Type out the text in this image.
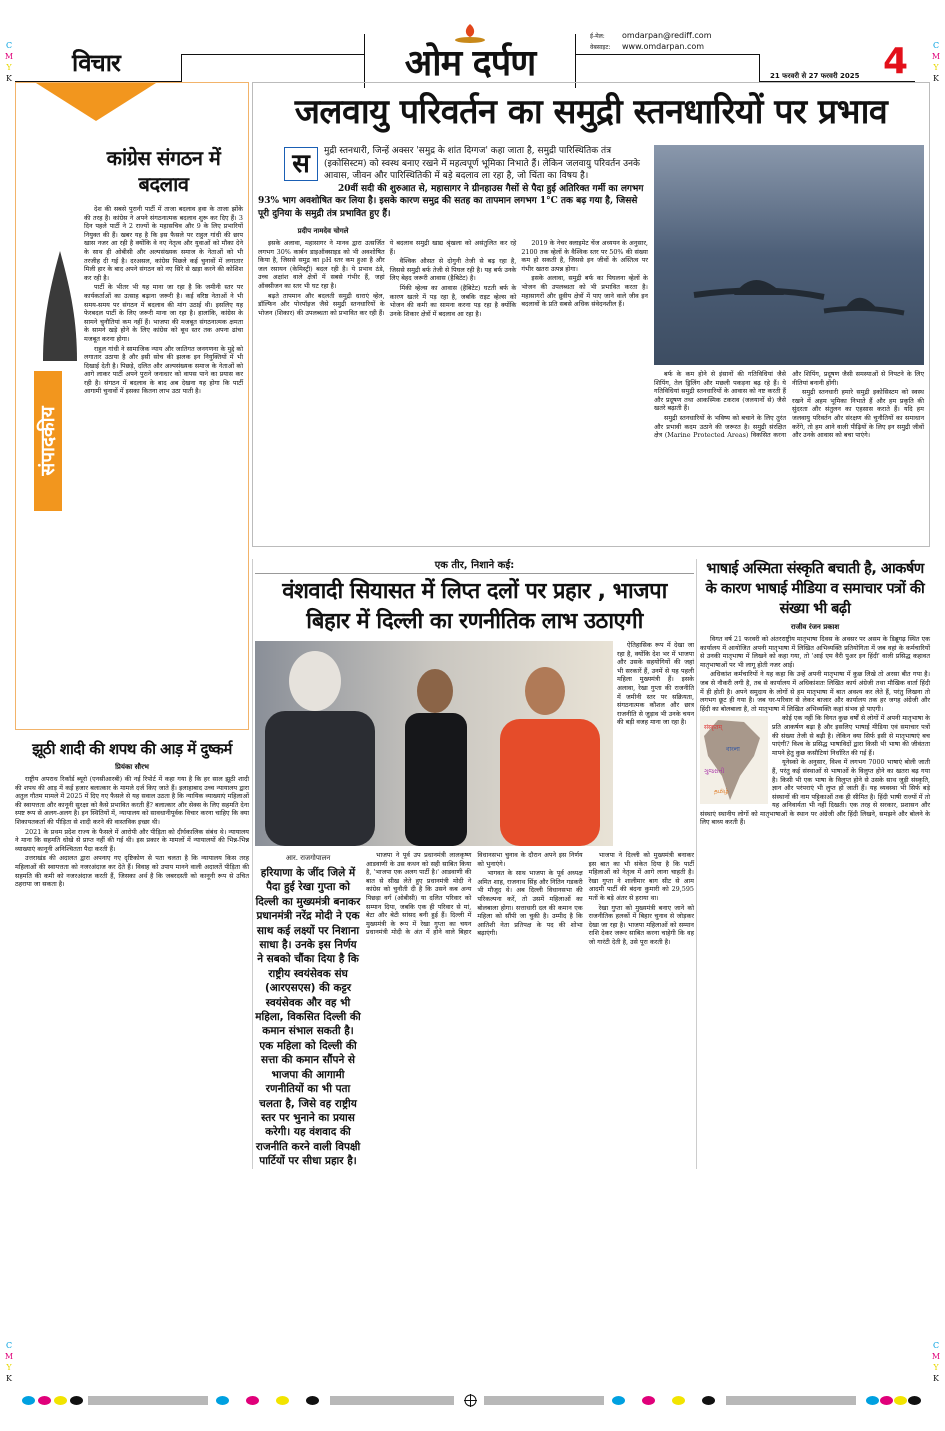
C
M
Y
K
C
M
Y
K
C
M
Y
K
C
M
Y
K
विचार	ओम दर्पण
ई-मेल: omdarpan@rediff.com
वेबसाइट: www.omdarpan.com
21 फरवरी से 27 फरवरी 2025 4
संपादकीय
कांग्रेस संगठन में बदलाव

देश की सबसे पुरानी पार्टी में ताजा बदलाव हवा के ताजा झोंके की तरह है। कांग्रेस ने अपने संगठनात्मक बदलाव शुरू कर दिए हैं। 3 दिन पहले पार्टी ने 2 राज्यों के महासचिव और 9 के लिए प्रभारियों नियुक्त की हैं। खबर यह है कि इस फैसले पर राहुल गांधी की छाप खास नजर आ रही है क्योंकि वे नए नेतृत्व और युवाओं को मौका देने के साथ ही ओबीसी और अल्पसंख्यक समाज के नेताओं को भी तरजीह दी गई है। दरअसल, कांग्रेस पिछले कई चुनावों में लगातार मिली हार के बाद अपने संगठन को नए सिरे से खड़ा करने की कोशिश कर रही है।

पार्टी के भीतर भी यह माना जा रहा है कि जमीनी स्तर पर कार्यकर्ताओं का उत्साह बढ़ाना जरूरी है। कई वरिष्ठ नेताओं ने भी समय-समय पर संगठन में बदलाव की मांग उठाई थी। इसलिए यह फेरबदल पार्टी के लिए जरूरी माना जा रहा है। हालांकि, कांग्रेस के सामने चुनौतियां कम नहीं हैं। भाजपा की मजबूत संगठनात्मक क्षमता के सामने खड़े होने के लिए कांग्रेस को बूथ स्तर तक अपना ढांचा मजबूत करना होगा।

राहुल गांधी ने सामाजिक न्याय और जातिगत जनगणना के मुद्दे को लगातार उठाया है और इसी सोच की झलक इन नियुक्तियों में भी दिखाई देती है। पिछड़े, दलित और अल्पसंख्यक समाज के नेताओं को आगे लाकर पार्टी अपने पुराने जनाधार को वापस पाने का प्रयास कर रही है। संगठन में बदलाव के बाद अब देखना यह होगा कि पार्टी आगामी चुनावों में इसका कितना लाभ उठा पाती है।

झूठी शादी की शपथ की आड़ में दुष्कर्म
प्रियंका सौरभ

राष्ट्रीय अपराध रिकॉर्ड ब्यूरो (एनसीआरबी) की नई रिपोर्ट में कहा गया है कि हर साल झूठी शादी की शपथ की आड़ में कई हजार बलात्कार के मामले दर्ज किए जाते हैं। इलाहाबाद उच्च न्यायालय द्वारा अतुल गौतम मामले में 2025 में दिए गए फैसले से यह सवाल उठता है कि न्यायिक व्याख्याएं महिलाओं की स्वायत्तता और कानूनी सुरक्षा को कैसे प्रभावित करती हैं? बलात्कार और सेक्स के लिए सहमति देना स्पष्ट रूप से अलग-अलग है। इन स्थितियों में, न्यायालय को सावधानीपूर्वक विचार करना चाहिए कि क्या शिकायतकर्ता की पीड़िता से शादी करने की वास्तविक इच्छा थी।

2021 के प्रथम प्रदेश राज्य के फैसले में आरोपी और पीड़िता को दीर्घकालिक संबंध थे। न्यायालय ने माना कि सहमति धोखे से प्राप्त नहीं की गई थी। इस प्रकार के मामलों में न्यायालयों की भिन्न-भिन्न व्याख्याएं कानूनी अनिश्चितता पैदा करती हैं।

उत्तराखंड की अदालत द्वारा अपनाए गए दृष्टिकोण से पता चलता है कि न्यायालय किस तरह महिलाओं की स्वायत्तता को नजरअंदाज कर देते हैं। विवाह को उपाय मानने वाली अदालतें पीड़िता की सहमति की कमी को नजरअंदाज करती हैं, जिसका अर्थ है कि जबरदस्ती को कानूनी रूप से उचित ठहराया जा सकता है।

जलवायु परिवर्तन का समुद्री स्तनधारियों पर प्रभाव
स	मुद्री स्तनधारी, जिन्हें अक्सर 'समुद्र के शांत दिग्गज' कहा जाता है, समुद्री पारिस्थितिक तंत्र (इकोसिस्टम) को स्वस्थ बनाए रखने में महत्वपूर्ण भूमिका निभाते हैं। लेकिन जलवायु परिवर्तन उनके आवास, जीवन और पारिस्थितिकी में बड़े बदलाव ला रहा है, जो चिंता का विषय है।
20वीं सदी की शुरुआत से, महासागर ने ग्रीनहाउस गैसों से पैदा हुई अतिरिक्त गर्मी का लगभग 93% भाग अवशोषित कर लिया है। इसके कारण समुद्र की सतह का तापमान लगभग 1°C तक बढ़ गया है, जिससे पूरी दुनिया के समुद्री तंत्र प्रभावित हुए हैं।
प्रदीप नामदेव चोगले

इसके अलावा, महासागर ने मानव द्वारा उत्सर्जित लगभग 30% कार्बन डाइऑक्साइड को भी अवशोषित किया है, जिससे समुद्र का pH स्तर कम हुआ है और जल रसायन (केमिस्ट्री) बदल रही है। ये प्रभाव ठंडे, उच्च अक्षांश वाले क्षेत्रों में सबसे गंभीर हैं, जहां ऑक्सीजन का स्तर भी घट रहा है।

बढ़ते तापमान और बदलती समुद्री धाराएं व्हेल, डॉल्फिन और पोरपॉइज जैसे समुद्री स्तनधारियों के भोजन (शिकार) की उपलब्धता को प्रभावित कर रही हैं। ये बदलाव समुद्री खाद्य श्रृंखला को असंतुलित कर रहे हैं।

वैश्विक औसत से दोगुनी तेजी से बढ़ रहा है, जिससे समुद्री बर्फ तेजी से पिघल रही है। यह बर्फ उनके लिए बेहद जरूरी आवास (हैबिटेट) है।

मिंकी व्हेल्स का आवास (हैबिटेट) घटती बर्फ के कारण खतरे में पड़ रहा है, जबकि राइट व्हेल्स को भोजन की कमी का सामना करना पड़ रहा है क्योंकि उनके शिकार क्षेत्रों में बदलाव आ रहा है।

2019 के नेचर क्लाइमेट चेंज अध्ययन के अनुसार, 2100 तक व्हेलों के वैश्विक स्तर पर 50% की संख्या कम हो सकती है, जिससे इन जीवों के अस्तित्व पर गंभीर खतरा उत्पन्न होगा।

इसके अलावा, समुद्री बर्फ का पिघलना व्हेलों के भोजन की उपलब्धता को भी प्रभावित करता है। महासागरों और ध्रुवीय क्षेत्रों में पाए जाने वाले जीव इन बदलावों के प्रति सबसे अधिक संवेदनशील हैं।

बर्फ के कम होने से इंसानों की गतिविधियां जैसे शिपिंग, तेल ड्रिलिंग और मछली पकड़ना बढ़ रहे हैं। ये गतिविधियां समुद्री स्तनधारियों के आवास को नष्ट करती हैं और प्रदूषण तथा आकस्मिक टकराव (जलयानों से) जैसे खतरे बढ़ाती हैं।

समुद्री स्तनधारियों के भविष्य को बचाने के लिए तुरंत और प्रभावी कदम उठाने की जरूरत है। समुद्री संरक्षित क्षेत्र (Marine Protected Areas) विकसित करना और शिपिंग, प्रदूषण जैसी समस्याओं से निपटने के लिए नीतियां बनानी होंगी।

समुद्री स्तनधारी हमारे समुद्री इकोसिस्टम को स्वस्थ रखने में अहम भूमिका निभाते हैं और हम प्रकृति की सुंदरता और संतुलन का एहसास कराते हैं। यदि हम जलवायु परिवर्तन और संरक्षण की चुनौतियों का समाधान करेंगे, तो हम आने वाली पीढ़ियों के लिए इन समुद्री जीवों और उनके आवास को बचा पाएंगे।

एक तीर, निशाने कई:
वंशवादी सियासत में लिप्त दलों पर प्रहार , भाजपा
बिहार में दिल्ली का रणनीतिक लाभ उठाएगी

ऐतिहासिक रूप में देखा जा रहा है, क्योंकि देश भर में भाजपा और उसके सहयोगियों की जहां भी सरकारें हैं, उनमें से यह पहली महिला मुख्यमंत्री हैं। इसके अलावा, रेखा गुप्ता की राजनीति में जमीनी स्तर पर सक्रियता, संगठनात्मक कौशल और छात्र राजनीति से जुड़ाव भी उनके चयन की बड़ी वजह माना जा रहा है।

आर. राजगोपालन
हरियाणा के जींद जिले में पैदा हुई रेखा गुप्ता को दिल्ली का मुख्यमंत्री बनाकर प्रधानमंत्री नरेंद्र मोदी ने एक साथ कई लक्ष्यों पर निशाना साधा है। उनके इस निर्णय ने सबको चौंका दिया है कि राष्ट्रीय स्वयंसेवक संघ (आरएसएस) की कट्टर स्वयंसेवक और वह भी महिला, विकसित दिल्ली की कमान संभाल सकती है। एक महिला को दिल्ली की सत्ता की कमान सौंपने से भाजपा की आगामी रणनीतियों का भी पता चलता है, जिसे वह राष्ट्रीय स्तर पर भुनाने का प्रयास करेगी। यह वंशवाद की राजनीति करने वाली विपक्षी पार्टियों पर सीधा प्रहार है।

भाजपा ने पूर्व उप प्रधानमंत्री लालकृष्ण आडवाणी के उस कथन को सही साबित किया है, 'भाजपा एक अलग पार्टी है।' आडवाणी की बात से सीख लेते हुए प्रधानमंत्री मोदी ने कांग्रेस को चुनौती दी है कि उसने कब अन्य पिछड़ा वर्ग (ओबीसी) या दलित परिवार को सम्मान दिया, जबकि एक ही परिवार से मां, बेटा और बेटी सांसद बनी हुई हैं। दिल्ली में मुख्यमंत्री के रूप में रेखा गुप्ता का चयन प्रधानमंत्री मोदी के अंत में होने वाले बिहार विधानसभा चुनाव के दौरान अपने इस निर्णय को भुनाएंगे।

भागवत के साथ भाजपा के पूर्व अध्यक्ष अमित शाह, राजनाथ सिंह और नितिन गडकरी भी मौजूद थे। अब दिल्ली विधानसभा की परिकल्पना करें, तो उसमें महिलाओं का बोलबाला होगा। सत्ताधारी दल की कमान एक महिला को सौंपी जा चुकी है। उम्मीद है कि आतिशी नेता प्रतिपक्ष के पद की शोभा बढ़ाएंगी।

भाजपा ने दिल्ली को मुख्यमंत्री बनाकर इस बात का भी संकेत दिया है कि पार्टी महिलाओं को नेतृत्व में आगे लाना चाहती है। रेखा गुप्ता ने शालीमार बाग सीट से आम आदमी पार्टी की बंदना कुमारी को 29,595 मतों के बड़े अंतर से हराया था।

रेखा गुप्ता को मुख्यमंत्री बनाए जाने को राजनीतिक हलकों में बिहार चुनाव से जोड़कर देखा जा रहा है। भाजपा महिलाओं को सम्मान राशि देकर जरूर साबित करना चाहेगी कि वह जो गारंटी देती है, उसे पूरा करती है।

भाषाई अस्मिता संस्कृति बचाती है, आकर्षण के कारण भाषाई मीडिया व समाचार पत्रों की संख्या भी बढ़ी
राजीव रंजन प्रकाश

विगत वर्ष 21 फरवरी को अंतरराष्ट्रीय मातृभाषा दिवस के अवसर पर असम के डिब्रूगढ़ स्थित एक कार्यालय में आयोजित अपनी मातृभाषा में लिखित अभिव्यक्ति प्रतियोगिता में जब वहां के कर्मचारियों से उनकी मातृभाषा में लिखने को कहा गया, तो 'आई एम वैरी पुअर इन हिंदी' वाली प्रसिद्ध कहावत मातृभाषाओं पर भी लागू होती नजर आई।

अधिकांश कर्मचारियों ने यह कहा कि उन्हें अपनी मातृभाषा में कुछ लिखे तो अरसा बीत गया है। जब से नौकरी लगी है, तब से कार्यालय में अधिकांशतः लिखित कार्य अंग्रेजी तथा मौखिक वार्ता हिंदी में ही होती है। अपने समुदाय के लोगों से हम मातृभाषा में बात अवश्य कर लेते हैं, परंतु लिखना तो लगभग छूट ही गया है। जब घर-परिवार से लेकर बाजार और कार्यालय तक हर जगह अंग्रेजी और हिंदी का बोलबाला है, तो मातृभाषा में लिखित अभिव्यक्ति कहां संभव हो पाएगी।

संस्कृतम्
বাংলা
ગુજરાતી
தமிழ்

कोई एक नहीं कि विगत कुछ वर्षों से लोगों में अपनी मातृभाषा के प्रति आकर्षण बढ़ा है और इसलिए भाषाई मीडिया एवं समाचार पत्रों की संख्या तेजी से बढ़ी है। लेकिन क्या सिर्फ इसी से मातृभाषाएं बच पाएंगी? विश्व के प्रसिद्ध भाषाविदों द्वारा किसी भी भाषा की जीवंतता मापने हेतु कुछ कसौटियां निर्धारित की गई हैं।

यूनेस्को के अनुसार, विश्व में लगभग 7000 भाषाएं बोली जाती हैं, परंतु कई संस्थाओं से भाषाओं के विलुप्त होने का खतरा बढ़ गया है। किसी भी एक भाषा के विलुप्त होने से उसके साथ जुड़ी संस्कृति, ज्ञान और परंपराएं भी लुप्त हो जाती हैं। यह व्यवस्था भी सिर्फ बड़े संस्थानों की नाम पट्टिकाओं तक ही सीमित है। हिंदी भाषी राज्यों में तो यह अनिवार्यता भी नहीं दिखती। एक तरह से सरकार, प्रशासन और संस्थाएं स्थानीय लोगों को मातृभाषाओं के स्थान पर अंग्रेजी और हिंदी लिखने, समझने और बोलने के लिए बाध्य करती हैं।
